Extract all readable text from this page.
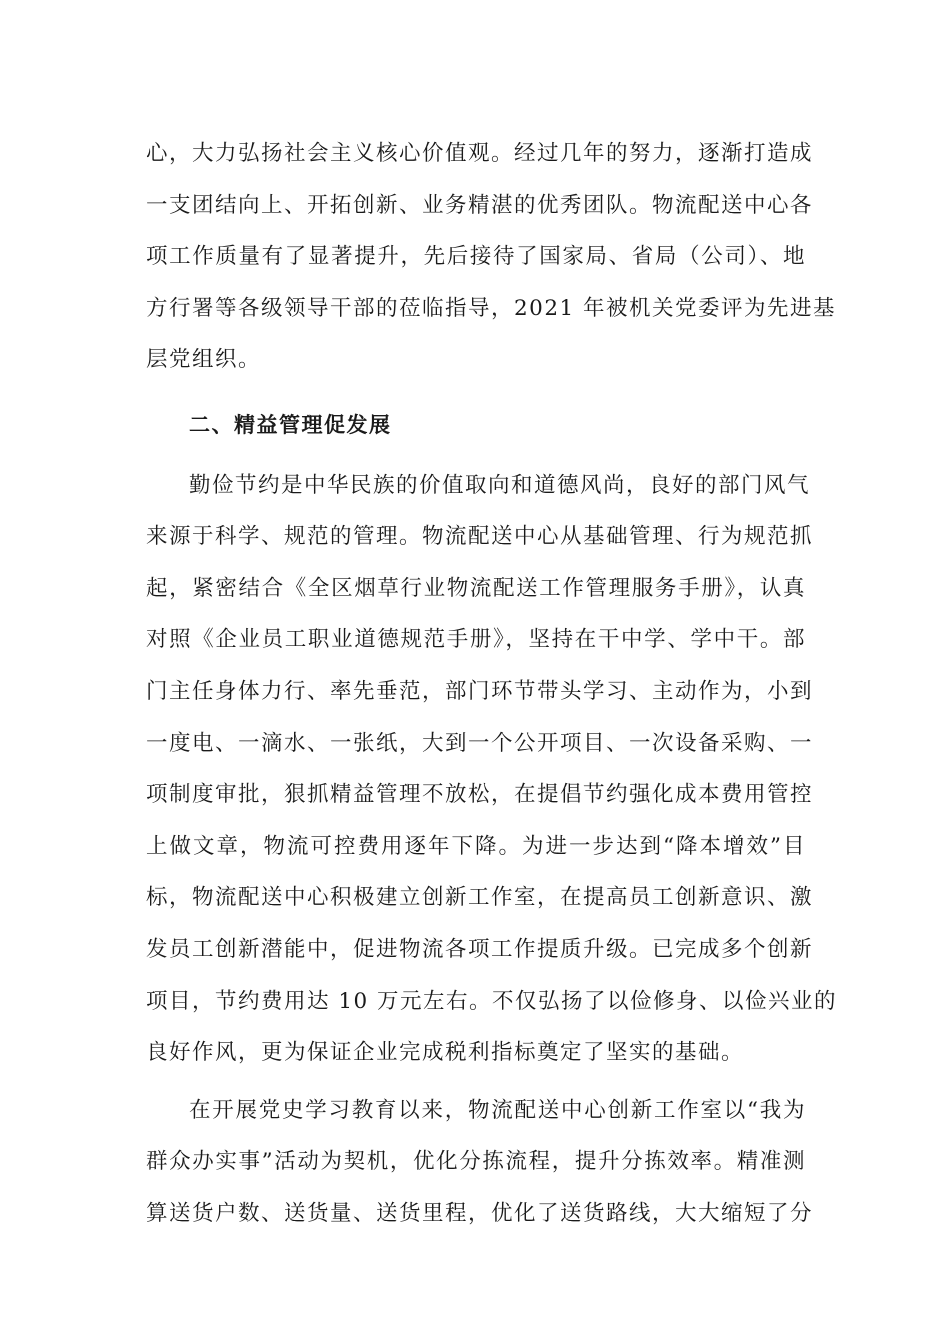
心，大力弘扬社会主义核心价值观。经过几年的努力，逐渐打造成
一支团结向上、开拓创新、业务精湛的优秀团队。物流配送中心各
项工作质量有了显著提升，先后接待了国家局、省局（公司）、地
方行署等各级领导干部的莅临指导，2021 年被机关党委评为先进基
层党组织。
二、精益管理促发展
勤俭节约是中华民族的价值取向和道德风尚，良好的部门风气
来源于科学、规范的管理。物流配送中心从基础管理、行为规范抓
起，紧密结合《全区烟草行业物流配送工作管理服务手册》，认真
对照《企业员工职业道德规范手册》，坚持在干中学、学中干。部
门主任身体力行、率先垂范，部门环节带头学习、主动作为，小到
一度电、一滴水、一张纸，大到一个公开项目、一次设备采购、一
项制度审批，狠抓精益管理不放松，在提倡节约强化成本费用管控
上做文章，物流可控费用逐年下降。为进一步达到“降本增效”目
标，物流配送中心积极建立创新工作室，在提高员工创新意识、激
发员工创新潜能中，促进物流各项工作提质升级。已完成多个创新
项目，节约费用达 10 万元左右。不仅弘扬了以俭修身、以俭兴业的
良好作风，更为保证企业完成税利指标奠定了坚实的基础。
在开展党史学习教育以来，物流配送中心创新工作室以“我为
群众办实事”活动为契机，优化分拣流程，提升分拣效率。精准测
算送货户数、送货量、送货里程，优化了送货路线，大大缩短了分
